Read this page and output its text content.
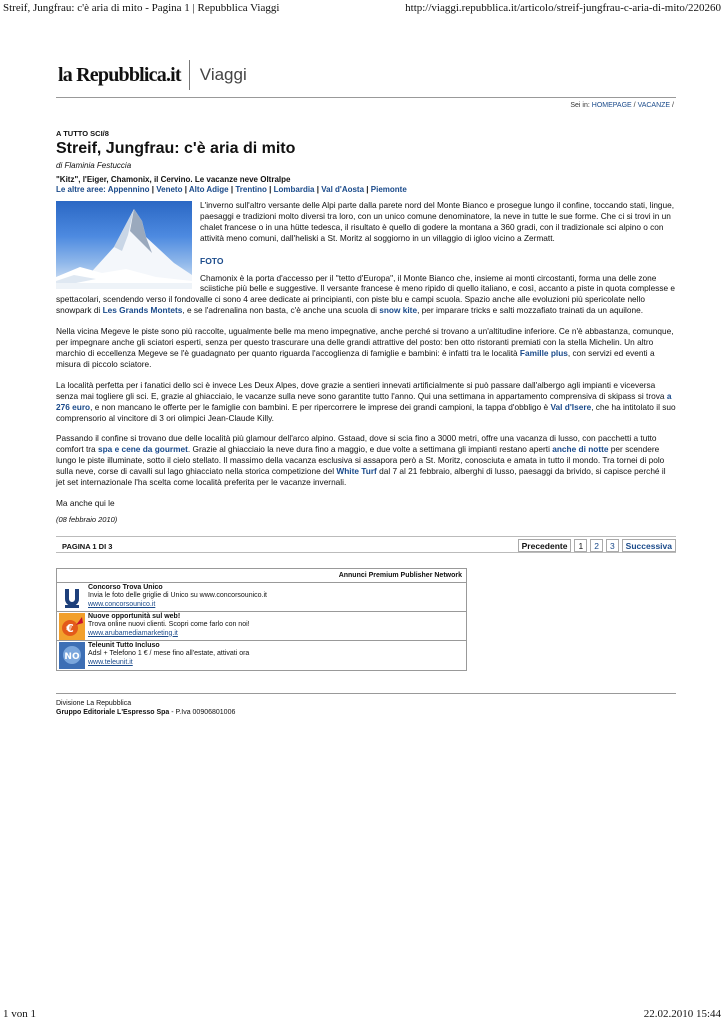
Streif, Jungfrau: c'è aria di mito - Pagina 1 | Repubblica Viaggi	http://viaggi.repubblica.it/articolo/streif-jungfrau-c-aria-di-mito/220260
la Repubblica.it Viaggi
Sei in: HOMEPAGE / VACANZE /
A TUTTO SCI/8
Streif, Jungfrau: c'è aria di mito
di Flaminia Festuccia
"Kitz", l'Eiger, Chamonix, il Cervino. Le vacanze neve Oltralpe
Le altre aree: Appennino | Veneto | Alto Adige | Trentino | Lombardia | Val d'Aosta | Piemonte
L'inverno sull'altro versante delle Alpi parte dalla parete nord del Monte Bianco e prosegue lungo il confine, toccando stati, lingue, paesaggi e tradizioni molto diversi tra loro, con un unico comune denominatore, la neve in tutte le sue forme. Che ci si trovi in un chalet francese o in una hütte tedesca, il risultato è quello di godere la montana a 360 gradi, con il tradizionale sci alpino o con attività meno comuni, dall'heliski a St. Moritz al soggiorno in un villaggio di igloo vicino a Zermatt.
FOTO

Chamonix è la porta d'accesso per il "tetto d'Europa", il Monte Bianco che, insieme ai monti circostanti, forma una delle zone sciistiche più belle e suggestive. Il versante francese è meno ripido di quello italiano, e così, accanto a piste in quota complesse e spettacolari, scendendo verso il fondovalle ci sono 4 aree dedicate ai principianti, con piste blu e campi scuola. Spazio anche alle evoluzioni più spericolate nello snowpark di Les Grands Montets, e se l'adrenalina non basta, c'è anche una scuola di snow kite, per imparare tricks e salti mozzafiato trainati da un aquilone.

Nella vicina Megeve le piste sono più raccolte, ugualmente belle ma meno impegnative, anche perché si trovano a un'altitudine inferiore. Ce n'è abbastanza, comunque, per impegnare anche gli sciatori esperti, senza per questo trascurare una delle grandi attrattive del posto: ben otto ristoranti premiati con la stella Michelin. Un altro marchio di eccellenza Megeve se l'è guadagnato per quanto riguarda l'accoglienza di famiglie e bambini: è infatti tra le località Famille plus, con servizi ed eventi a misura di piccolo sciatore.

La località perfetta per i fanatici dello sci è invece Les Deux Alpes, dove grazie a sentieri innevati artificialmente si può passare dall'albergo agli impianti e viceversa senza mai togliere gli sci. E, grazie al ghiacciaio, le vacanze sulla neve sono garantite tutto l'anno. Qui una settimana in appartamento comprensiva di skipass si trova a 276 euro, e non mancano le offerte per le famiglie con bambini. E per ripercorrere le imprese dei grandi campioni, la tappa d'obbligo è Val d'Isere, che ha intitolato il suo comprensorio al vincitore di 3 ori olimpici Jean-Claude Killy.

Passando il confine si trovano due delle località più glamour dell'arco alpino. Gstaad, dove si scia fino a 3000 metri, offre una vacanza di lusso, con pacchetti a tutto comfort tra spa e cene da gourmet. Grazie al ghiacciaio la neve dura fino a maggio, e due volte a settimana gli impianti restano aperti anche di notte per scendere lungo le piste illuminate, sotto il cielo stellato. Il massimo della vacanza esclusiva si assapora però a St. Moritz, conosciuta e amata in tutto il mondo. Tra tornei di polo sulla neve, corse di cavalli sul lago ghiacciato nella storica competizione del White Turf dal 7 al 21 febbraio, alberghi di lusso, paesaggi da brivido, si capisce perché il jet set internazionale l'ha scelta come località preferita per le vacanze invernali.

Ma anche qui le

(08 febbraio 2010)
PAGINA 1 DI 3	Precedente	1	2	3	Successiva
Annunci Premium Publisher Network
Concorso Trova Unico
Invia le foto delle griglie di Unico su www.concorsounico.it
www.concorsounico.it
€
Nuove opportunità sul web!
Trova online nuovi clienti. Scopri come farlo con noi!
www.arubamediamarketing.it
NO
Teleunit Tutto Incluso
Adsl + Telefono 1 € / mese fino all'estate, attivati ora
www.teleunit.it
Divisione La Repubblica
Gruppo Editoriale L'Espresso Spa - P.Iva 00906801006
1 von 1	22.02.2010 15:44
